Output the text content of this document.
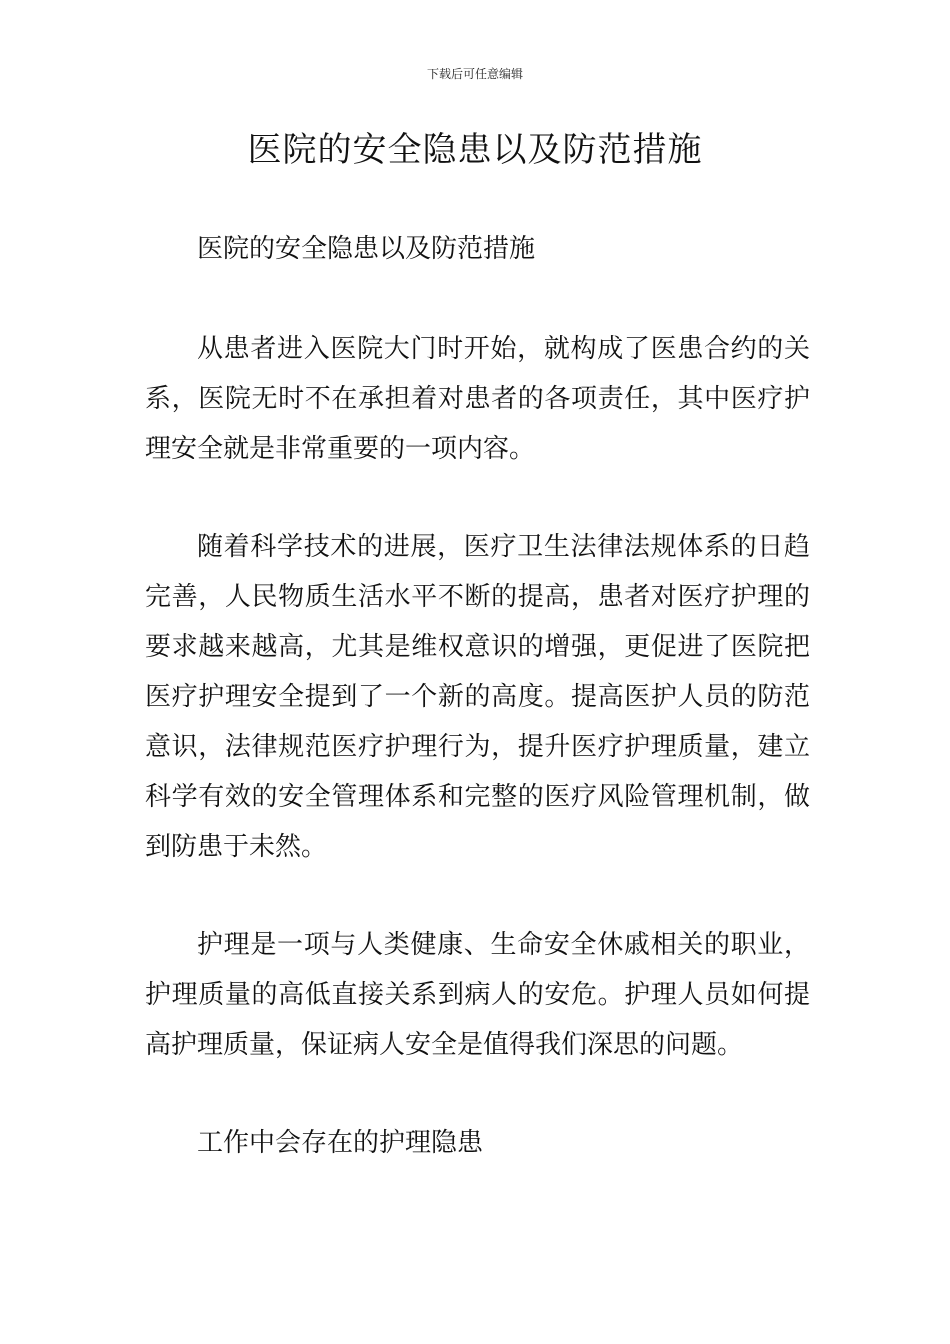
下载后可任意编辑
医院的安全隐患以及防范措施

医院的安全隐患以及防范措施

从患者进入医院大门时开始，就构成了医患合约的关系，医院无时不在承担着对患者的各项责任，其中医疗护理安全就是非常重要的一项内容。

随着科学技术的进展，医疗卫生法律法规体系的日趋完善，人民物质生活水平不断的提高，患者对医疗护理的要求越来越高，尤其是维权意识的增强，更促进了医院把医疗护理安全提到了一个新的高度。提高医护人员的防范意识，法律规范医疗护理行为，提升医疗护理质量，建立科学有效的安全管理体系和完整的医疗风险管理机制，做到防患于未然。

护理是一项与人类健康、生命安全休戚相关的职业，护理质量的高低直接关系到病人的安危。护理人员如何提高护理质量，保证病人安全是值得我们深思的问题。

工作中会存在的护理隐患
